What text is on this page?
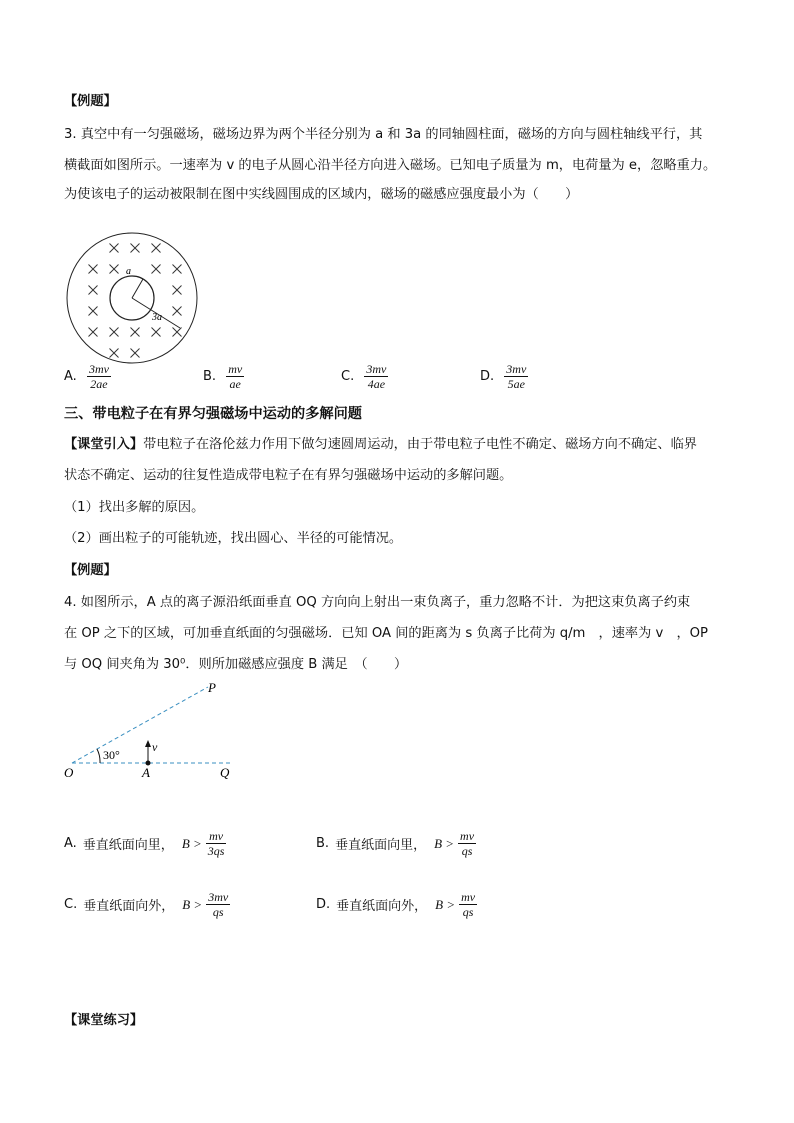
【例题】
3. 真空中有一匀强磁场，磁场边界为两个半径分别为 a 和 3a 的同轴圆柱面，磁场的方向与圆柱轴线平行，其
横截面如图所示。一速率为 v 的电子从圆心沿半径方向进入磁场。已知电子质量为 m，电荷量为 e，忽略重力。
为使该电子的运动被限制在图中实线圆围成的区域内，磁场的磁感应强度最小为（　　）
a
3a
A. $\frac{3mv}{2ae}$	B. $\frac{mv}{ae}$	C. $\frac{3mv}{4ae}$	D. $\frac{3mv}{5ae}$
三、带电粒子在有界匀强磁场中运动的多解问题
【课堂引入】带电粒子在洛伦兹力作用下做匀速圆周运动，由于带电粒子电性不确定、磁场方向不确定、临界
状态不确定、运动的往复性造成带电粒子在有界匀强磁场中运动的多解问题。
（1）找出多解的原因。
（2）画出粒子的可能轨迹，找出圆心、半径的可能情况。
【例题】
4. 如图所示，A 点的离子源沿纸面垂直 OQ 方向向上射出一束负离子，重力忽略不计．为把这束负离子约束
在 OP 之下的区域，可加垂直纸面的匀强磁场．已知 OA 间的距离为 s 负离子比荷为 q/m　，速率为 v　，OP
与 OQ 间夹角为 30⁰．则所加磁感应强度 B 满足　（　　）
P
O	A	Q
30°
v
A. 垂直纸面向里， $B > \frac{mv}{3qs}$	B. 垂直纸面向里， $B > \frac{mv}{qs}$
C. 垂直纸面向外， $B > \frac{3mv}{qs}$	D. 垂直纸面向外， $B > \frac{mv}{qs}$
【课堂练习】
